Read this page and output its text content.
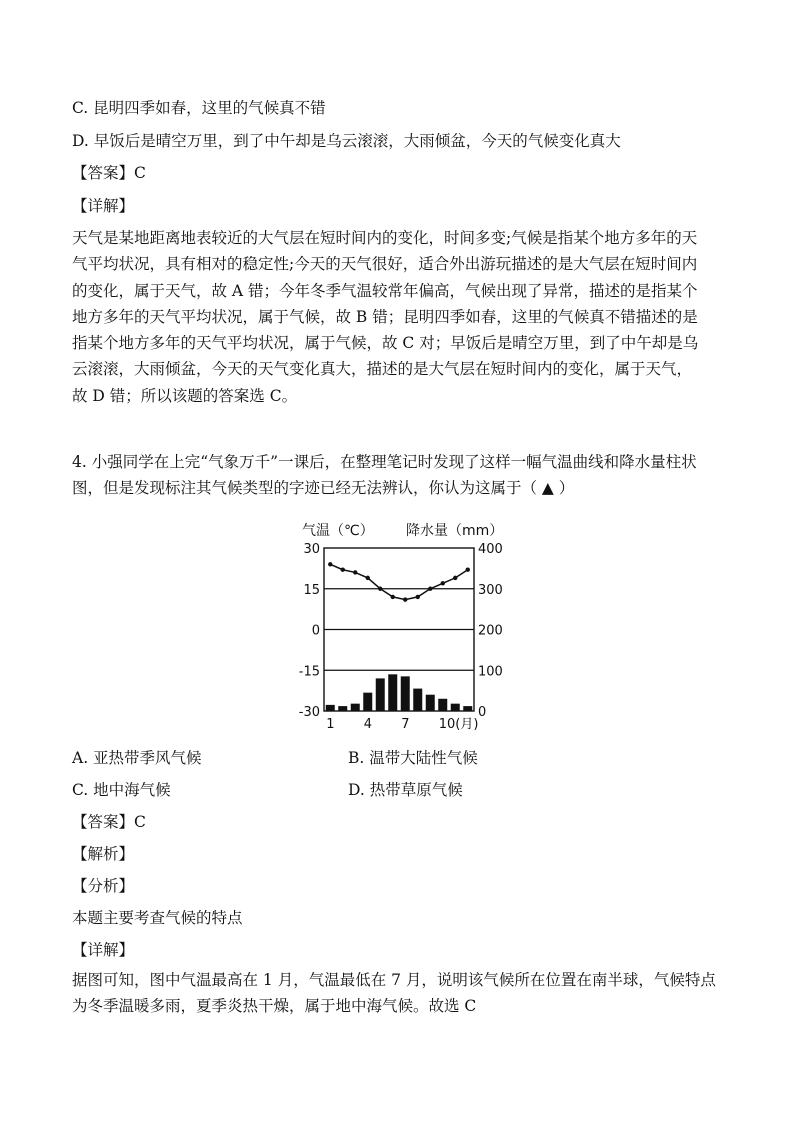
C. 昆明四季如春，这里的气候真不错
D. 早饭后是晴空万里，到了中午却是乌云滚滚，大雨倾盆，今天的气候变化真大
【答案】C
【详解】
天气是某地距离地表较近的大气层在短时间内的变化，时间多变;气候是指某个地方多年的天
气平均状况，具有相对的稳定性;今天的天气很好，适合外出游玩描述的是大气层在短时间内
的变化，属于天气，故 A 错；今年冬季气温较常年偏高，气候出现了异常，描述的是指某个
地方多年的天气平均状况，属于气候，故 B 错；昆明四季如春，这里的气候真不错描述的是
指某个地方多年的天气平均状况，属于气候，故 C 对；早饭后是晴空万里，到了中午却是乌
云滚滚，大雨倾盆，今天的天气变化真大，描述的是大气层在短时间内的变化，属于天气，
故 D 错；所以该题的答案选 C。
4. 小强同学在上完“气象万千”一课后，在整理笔记时发现了这样一幅气温曲线和降水量柱状
图，但是发现标注其气候类型的字迹已经无法辨认，你认为这属于（ ▲ ）
气温（℃） 降水量（mm）
30
15
0
-15
-30
400
300
200
100
0
1 4 7 10(月)
A. 亚热带季风气候	B. 温带大陆性气候
C. 地中海气候	D. 热带草原气候
【答案】C
【解析】
【分析】
本题主要考查气候的特点
【详解】
据图可知，图中气温最高在 1 月，气温最低在 7 月，说明该气候所在位置在南半球，气候特点
为冬季温暖多雨，夏季炎热干燥，属于地中海气候。故选 C
